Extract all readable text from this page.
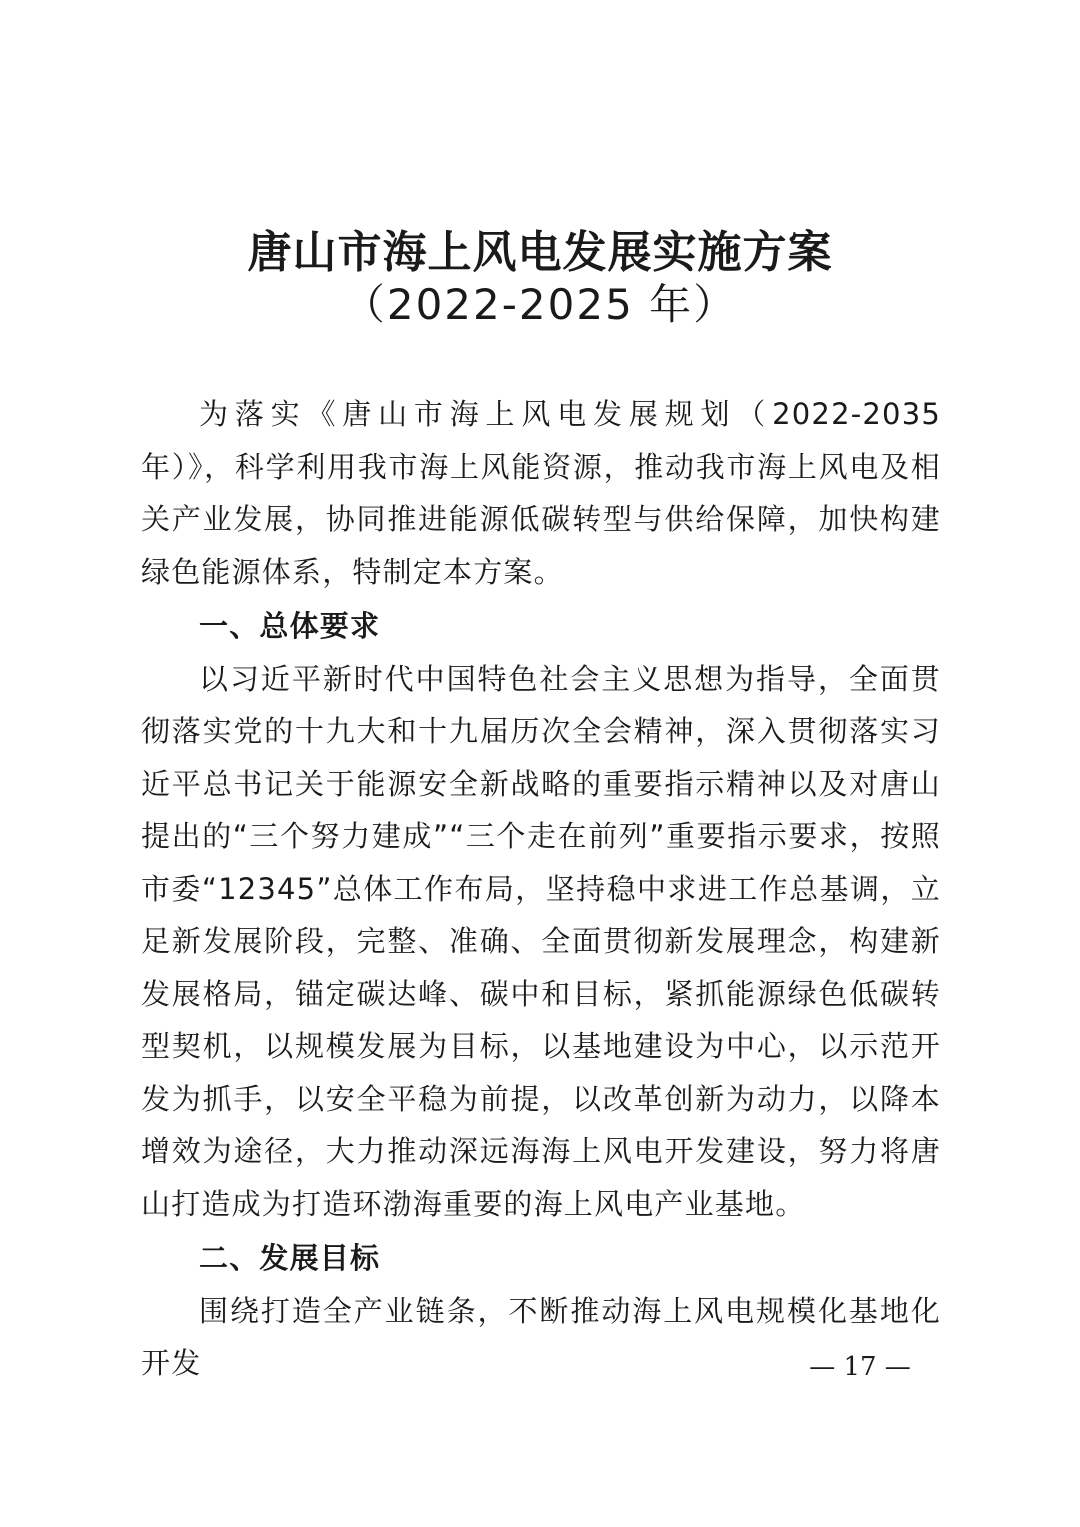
唐山市海上风电发展实施方案
（2022-2025 年）

为落实《唐山市海上风电发展规划（2022-2035 年）》，科学利用我市海上风能资源，推动我市海上风电及相关产业发展，协同推进能源低碳转型与供给保障，加快构建绿色能源体系，特制定本方案。

一、总体要求

以习近平新时代中国特色社会主义思想为指导，全面贯彻落实党的十九大和十九届历次全会精神，深入贯彻落实习近平总书记关于能源安全新战略的重要指示精神以及对唐山提出的“三个努力建成”“三个走在前列”重要指示要求，按照市委“12345”总体工作布局，坚持稳中求进工作总基调，立足新发展阶段，完整、准确、全面贯彻新发展理念，构建新发展格局，锚定碳达峰、碳中和目标，紧抓能源绿色低碳转型契机，以规模发展为目标，以基地建设为中心，以示范开发为抓手，以安全平稳为前提，以改革创新为动力，以降本增效为途径，大力推动深远海海上风电开发建设，努力将唐山打造成为打造环渤海重要的海上风电产业基地。

二、发展目标

围绕打造全产业链条，不断推动海上风电规模化基地化开发	— 17 —
